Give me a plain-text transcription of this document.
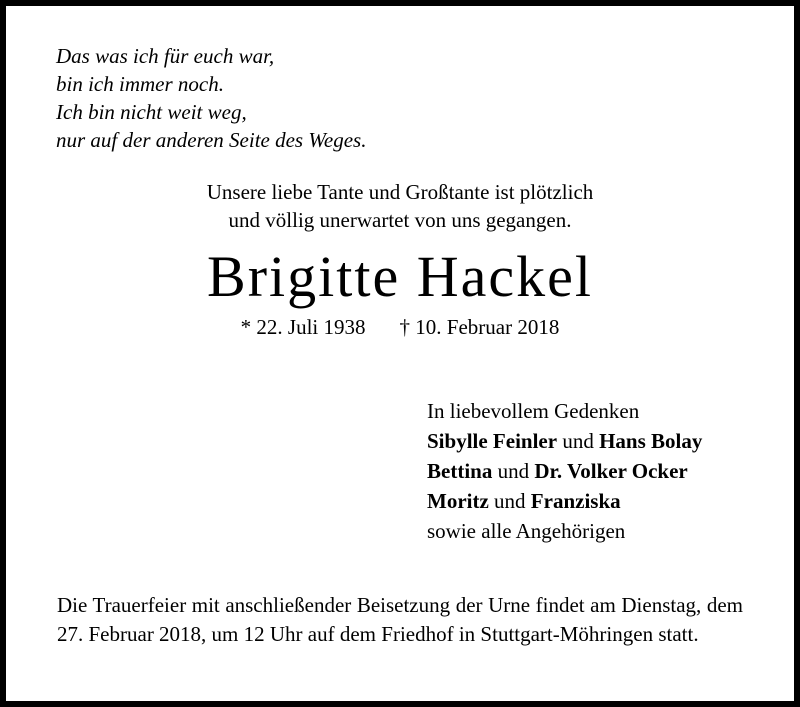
Das was ich für euch war,
bin ich immer noch.
Ich bin nicht weit weg,
nur auf der anderen Seite des Weges.
Unsere liebe Tante und Großtante ist plötzlich
und völlig unerwartet von uns gegangen.
Brigitte Hackel
* 22. Juli 1938 † 10. Februar 2018
In liebevollem Gedenken
Sibylle Feinler und Hans Bolay
Bettina und Dr. Volker Ocker
Moritz und Franziska
sowie alle Angehörigen
Die Trauerfeier mit anschließender Beisetzung der Urne findet am Dienstag, dem 27. Februar 2018, um 12 Uhr auf dem Friedhof in Stuttgart-Möhringen statt.
